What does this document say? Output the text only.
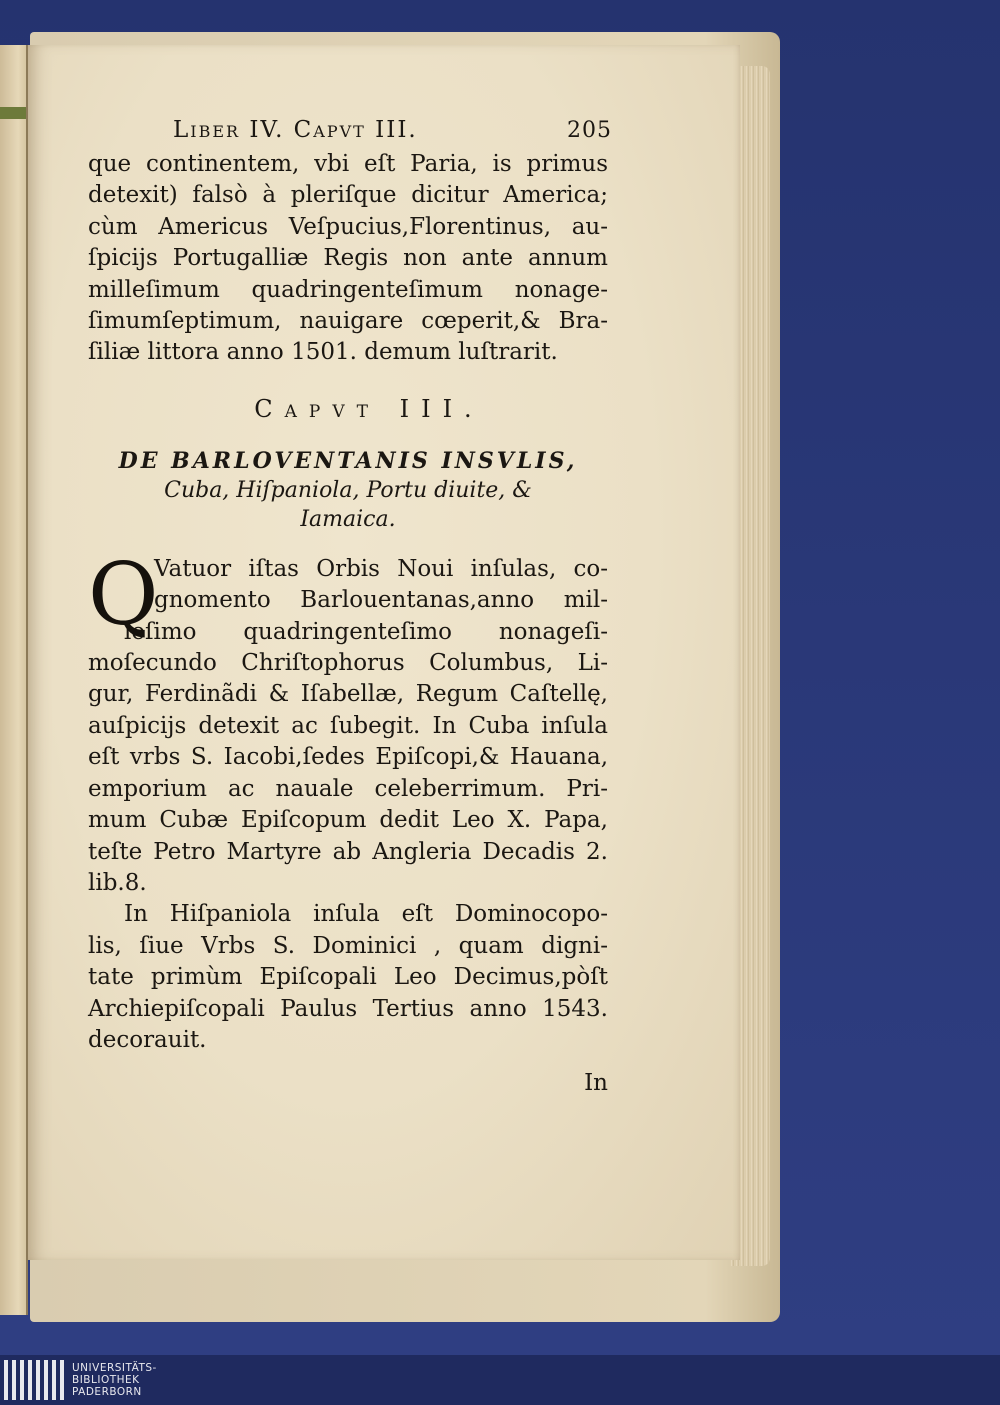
Liber IV. Capvt III.	205

que continentem, vbi eſt Paria, is primus
detexit) falsò à pleriſque dicitur America;
cùm Americus Veſpucius,Florentinus, au-
ſpicijs Portugalliæ Regis non ante annum
milleſimum quadringenteſimum nonage-
ſimumſeptimum, nauigare cœperit,& Bra-
ſiliæ littora anno 1501. demum luſtrarit.

Capvt III.
DE BARLOVENTANIS INSVLIS,
Cuba, Hiſpaniola, Portu diuite, &
Iamaica.
Q

Vatuor iſtas Orbis Noui inſulas, co-
gnomento Barlouentanas,anno mil-
leſimo quadringenteſimo nonageſi-
moſecundo Chriſtophorus Columbus, Li-
gur, Ferdinãdi & Iſabellæ, Regum Caſtellę,
auſpicijs detexit ac ſubegit. In Cuba inſula
eſt vrbs S. Iacobi,ſedes Epiſcopi,& Hauana,
emporium ac nauale celeberrimum. Pri-
mum Cubæ Epiſcopum dedit Leo X. Papa,
teſte Petro Martyre ab Angleria Decadis 2.
lib.8.

In Hiſpaniola inſula eſt Dominocopo-
lis, ſiue Vrbs S. Dominici , quam digni-
tate primùm Epiſcopali Leo Decimus,pòſt
Archiepiſcopali Paulus Tertius anno 1543.
decorauit.

In
UNIVERSITÄTS-
BIBLIOTHEK
PADERBORN
